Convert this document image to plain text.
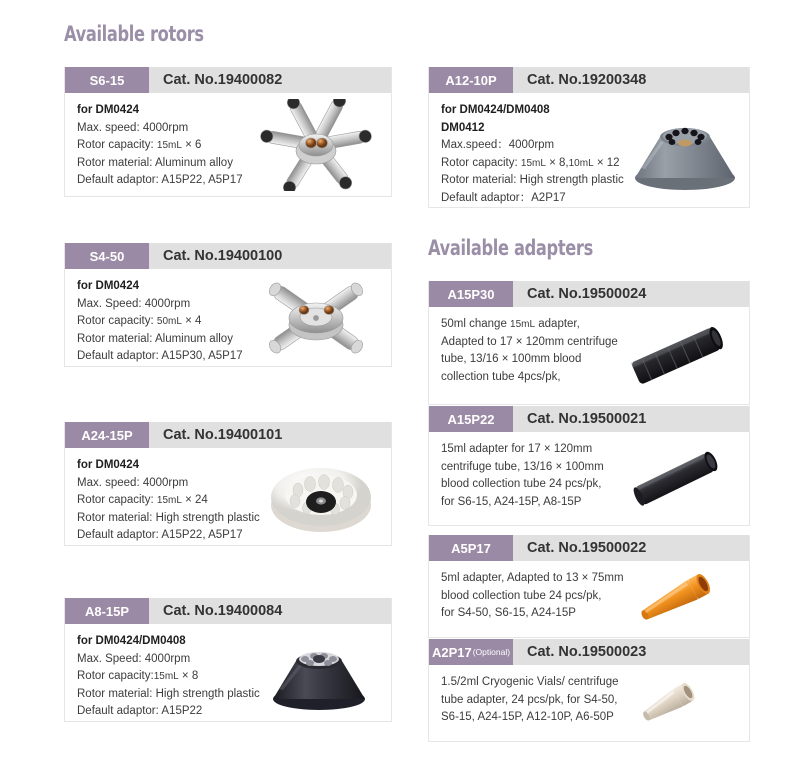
Available rotors
Available adapters
S6-15	Cat. No.19400082
for DM0424
Max. speed: 4000rpm
Rotor capacity: 15mL × 6
Rotor material: Aluminum alloy
Default adaptor: A15P22, A5P17
S4-50	Cat. No.19400100
for DM0424
Max. Speed: 4000rpm
Rotor capacity: 50mL × 4
Rotor material: Aluminum alloy
Default adaptor: A15P30, A5P17
A24-15P	Cat. No.19400101
for DM0424
Max. speed: 4000rpm
Rotor capacity: 15mL × 24
Rotor material: High strength plastic
Default adaptor: A15P22, A5P17
A8-15P	Cat. No.19400084
for DM0424/DM0408
Max. Speed: 4000rpm
Rotor capacity:15mL × 8
Rotor material: High strength plastic
Default adaptor: A15P22
A12-10P	Cat. No.19200348
for DM0424/DM0408
DM0412
Max.speed：4000rpm
Rotor capacity: 15mL × 8,10mL × 12
Rotor material: High strength plastic
Default adaptor：A2P17
A15P30	Cat. No.19500024
50ml change 15mL adapter,
Adapted to 17 × 120mm centrifuge
tube, 13/16 × 100mm blood
collection tube 4pcs/pk,
A15P22	Cat. No.19500021
15ml adapter for 17 × 120mm
centrifuge tube, 13/16 × 100mm
blood collection tube 24 pcs/pk,
for S6-15, A24-15P, A8-15P
A5P17	Cat. No.19500022
5ml adapter, Adapted to 13 × 75mm
blood collection tube 24 pcs/pk,
for S4-50, S6-15, A24-15P
A2P17 (Optional)	Cat. No.19500023
1.5/2ml Cryogenic Vials/ centrifuge
tube adapter, 24 pcs/pk, for S4-50,
S6-15, A24-15P, A12-10P, A6-50P
